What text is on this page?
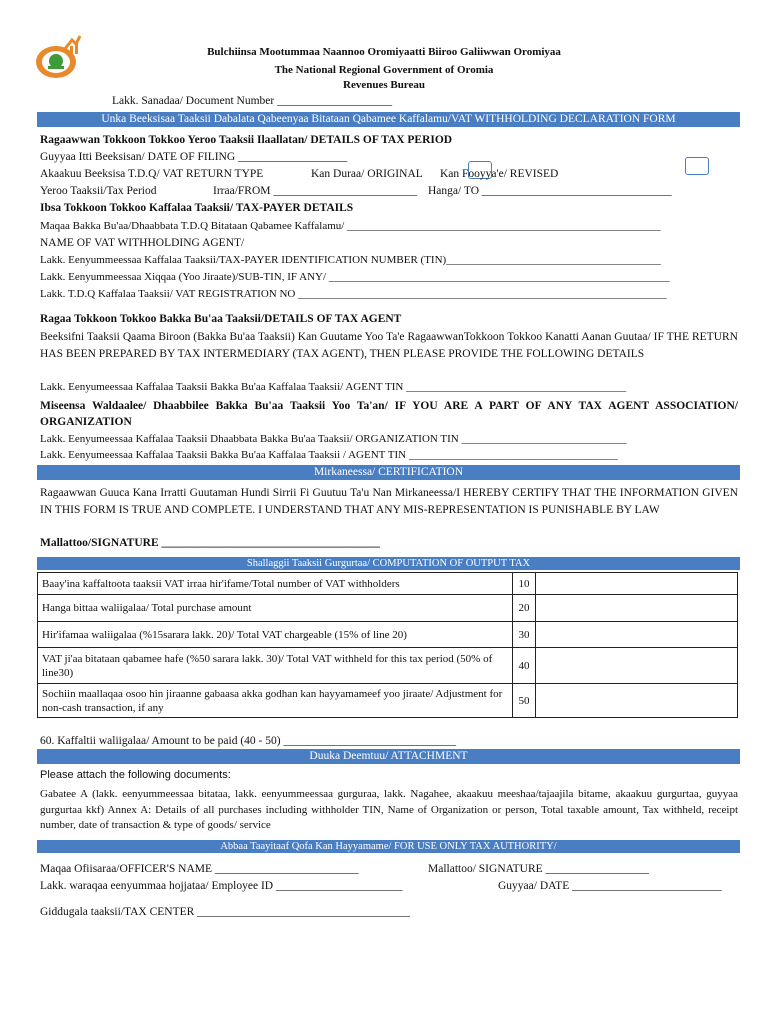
Bulchiinsa Mootummaa Naannoo Oromiyaatti Biiroo Galiiwwan Oromiyaa
The National Regional Government of Oromia
Revenues Bureau
Lakk. Sanadaa/ Document Number ____________________
Unka Beeksisaa Taaksii Dabalata Qabeenyaa Bitataan Qabamee Kaffalamu/VAT WITHHOLDING DECLARATION FORM
Ragaawwan Tokkoon Tokkoo Yeroo Taaksii Ilaallatan/ DETAILS OF TAX PERIOD
Guyyaa Itti Beeksisan/ DATE OF FILING ___________________
Akaakuu Beeksisa T.D.Q/ VAT RETURN TYPE	Kan Duraa/ ORIGINAL Kan Fooyya'e/ REVISED
Yeroo Taaksii/Tax Period	Irraa/FROM _________________________ Hanga/ TO _________________________________
Ibsa Tokkoon Tokkoo Kaffalaa Taaksii/ TAX-PAYER DETAILS
Maqaa Bakka Bu'aa/Dhaabbata T.D.Q Bitataan Qabamee Kaffalamu/ _________________________________________________________
NAME OF VAT WITHHOLDING AGENT/
Lakk. Eenyummeessaa Kaffalaa Taaksii/TAX-PAYER IDENTIFICATION NUMBER (TIN)_______________________________________
Lakk. Eenyummeessaa Xiqqaa (Yoo Jiraate)/SUB-TIN, IF ANY/ ______________________________________________________________
Lakk. T.D.Q Kaffalaa Taaksii/ VAT REGISTRATION NO ___________________________________________________________________
Ragaa Tokkoon Tokkoo Bakka Bu'aa Taaksii/DETAILS OF TAX AGENT
Beeksifni Taaksii Qaama Biroon (Bakka Bu'aa Taaksii) Kan Guutame Yoo Ta'e RagaawwanTokkoon Tokkoo Kanatti Aanan Guutaa/ IF THE RETURN HAS BEEN PREPARED BY TAX INTERMEDIARY (TAX AGENT), THEN PLEASE PROVIDE THE FOLLOWING DETAILS
Lakk. Eenyumeessaa Kaffalaa Taaksii Bakka Bu'aa Kaffalaa Taaksii/ AGENT TIN ________________________________________
Miseensa Waldaalee/ Dhaabbilee Bakka Bu'aa Taaksii Yoo Ta'an/ IF YOU ARE A PART OF ANY TAX AGENT ASSOCIATION/ ORGANIZATION
Lakk. Eenyumeessaa Kaffalaa Taaksii Dhaabbata Bakka Bu'aa Taaksii/ ORGANIZATION TIN ______________________________
Lakk. Eenyumeessaa Kaffalaa Taaksii Bakka Bu'aa Kaffalaa Taaksii / AGENT TIN ______________________________________
Mirkaneessa/ CERTIFICATION
Ragaawwan Guuca Kana Irratti Guutaman Hundi Sirrii Fi Guutuu Ta'u Nan Mirkaneessa/I HEREBY CERTIFY THAT THE INFORMATION GIVEN IN THIS FORM IS TRUE AND COMPLETE. I UNDERSTAND THAT ANY MIS-REPRESENTATION IS PUNISHABLE BY LAW
Mallattoo/SIGNATURE ______________________________________
Shallaggii Taaksii Gurgurtaa/ COMPUTATION OF OUTPUT TAX
Baay'ina kaffaltoota taaksii VAT irraa hir'ifame/Total number of VAT withholders	10	
Hanga bittaa waliigalaa/ Total purchase amount	20	
Hir'ifamaa waliigalaa (%15sarara lakk. 20)/ Total VAT chargeable (15% of line 20)	30	
VAT ji'aa bitataan qabamee hafe (%50 sarara lakk. 30)/ Total VAT withheld for this tax period (50% of line30)	40	
Sochiin maallaqaa osoo hin jiraanne gabaasa akka godhan kan hayyamameef yoo jiraate/ Adjustment for non-cash transaction, if any	50	
60. Kaffaltii waliigalaa/ Amount to be paid (40 - 50) ______________________________
Duuka Deemtuu/ ATTACHMENT
Please attach the following documents:
Gabatee A (lakk. eenyummeessaa bitataa, lakk. eenyummeessaa gurguraa, lakk. Nagahee, akaakuu meeshaa/tajaajila bitame, akaakuu gurgurtaa, guyyaa gurgurtaa kkf) Annex A: Details of all purchases including withholder TIN, Name of Organization or person, Total taxable amount, Tax withheld, receipt number, date of transaction & type of goods/ service
Abbaa Taayitaaf Qofa Kan Hayyamame/ FOR USE ONLY TAX AUTHORITY/
Maqaa Ofiisaraa/OFFICER'S NAME _________________________	Mallattoo/ SIGNATURE __________________
Lakk. waraqaa eenyummaa hojjataa/ Employee ID ______________________	Guyyaa/ DATE __________________________
Giddugala taaksii/TAX CENTER _____________________________________
